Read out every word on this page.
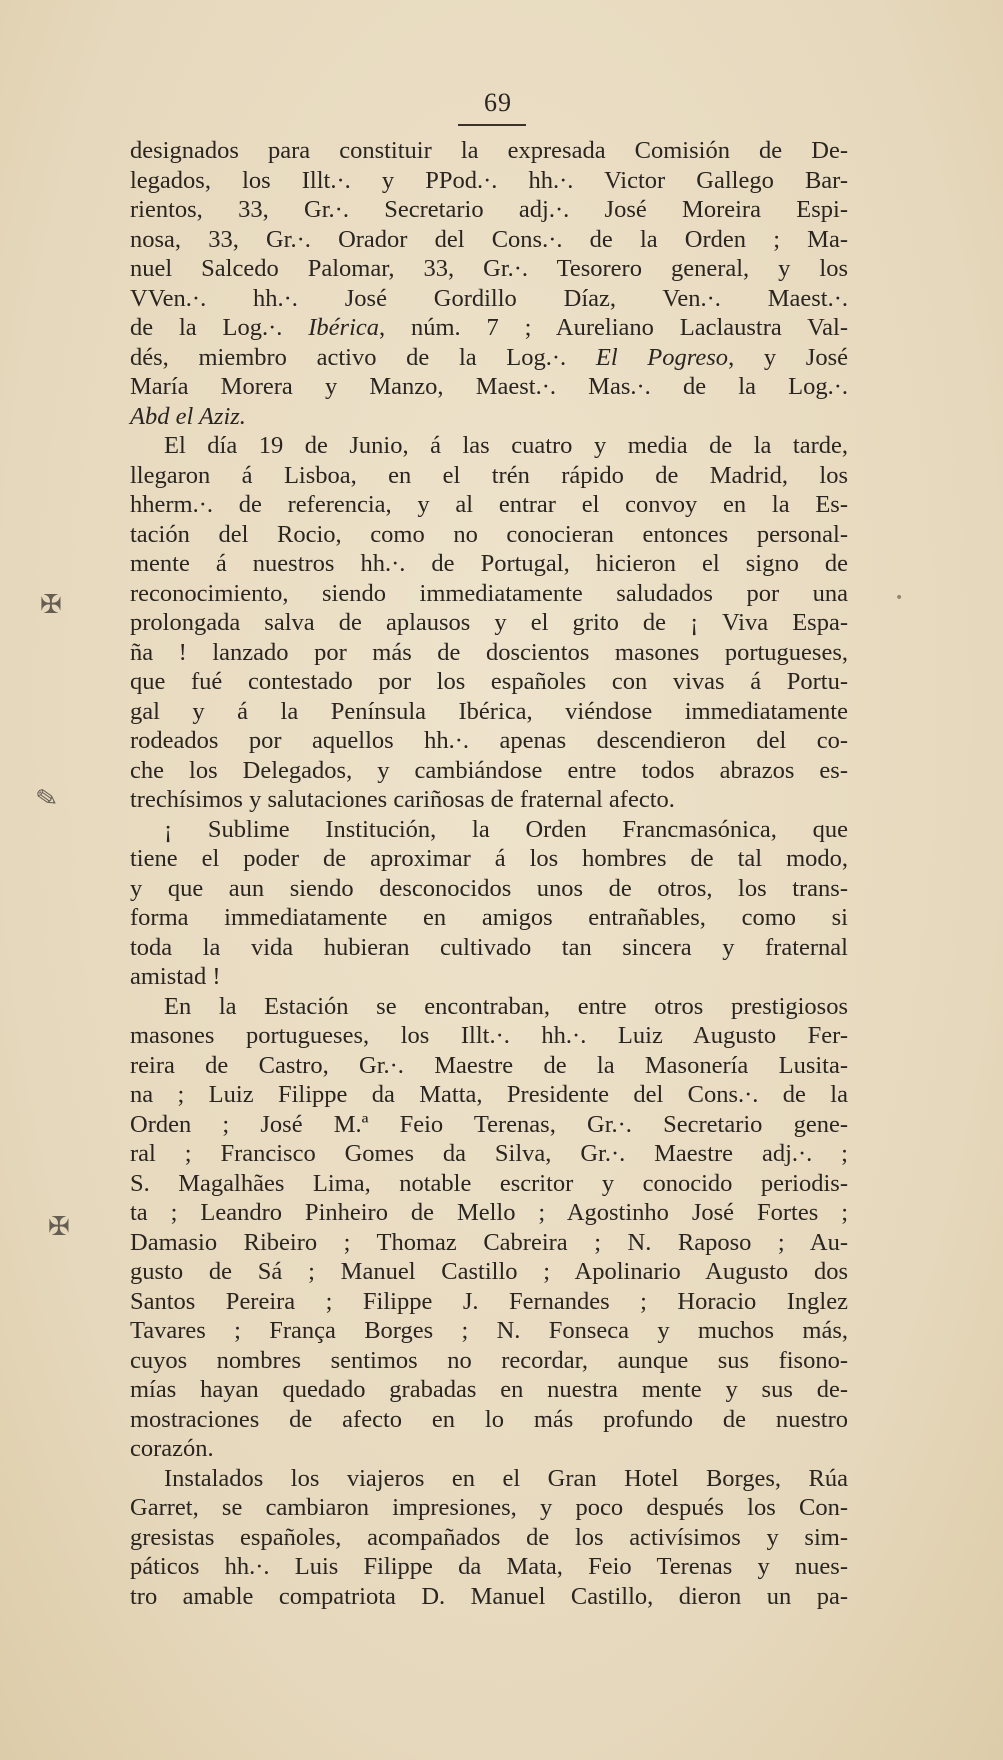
69
✠
✎
✠
•
designados para constituir la expresada Comisión de De-
legados, los Illt.·. y PPod.·. hh.·. Victor Gallego Bar-
rientos, 33, Gr.·. Secretario adj.·. José Moreira Espi-
nosa, 33, Gr.·. Orador del Cons.·. de la Orden ; Ma-
nuel Salcedo Palomar, 33, Gr.·. Tesorero general, y los
VVen.·. hh.·. José Gordillo Díaz, Ven.·. Maest.·.
de la Log.·. Ibérica, núm. 7 ; Aureliano Laclaustra Val-
dés, miembro activo de la Log.·. El Pogreso, y José
María Morera y Manzo, Maest.·. Mas.·. de la Log.·.
Abd el Aziz.
El día 19 de Junio, á las cuatro y media de la tarde,
llegaron á Lisboa, en el trén rápido de Madrid, los
hherm.·. de referencia, y al entrar el convoy en la Es-
tación del Rocio, como no conocieran entonces personal-
mente á nuestros hh.·. de Portugal, hicieron el signo de
reconocimiento, siendo immediatamente saludados por una
prolongada salva de aplausos y el grito de ¡ Viva Espa-
ña ! lanzado por más de doscientos masones portugueses,
que fué contestado por los españoles con vivas á Portu-
gal y á la Península Ibérica, viéndose immediatamente
rodeados por aquellos hh.·. apenas descendieron del co-
che los Delegados, y cambiándose entre todos abrazos es-
trechísimos y salutaciones cariñosas de fraternal afecto.
¡ Sublime Institución, la Orden Francmasónica, que
tiene el poder de aproximar á los hombres de tal modo,
y que aun siendo desconocidos unos de otros, los trans-
forma immediatamente en amigos entrañables, como si
toda la vida hubieran cultivado tan sincera y fraternal
amistad !
En la Estación se encontraban, entre otros prestigiosos
masones portugueses, los Illt.·. hh.·. Luiz Augusto Fer-
reira de Castro, Gr.·. Maestre de la Masonería Lusita-
na ; Luiz Filippe da Matta, Presidente del Cons.·. de la
Orden ; José M.ª Feio Terenas, Gr.·. Secretario gene-
ral ; Francisco Gomes da Silva, Gr.·. Maestre adj.·. ;
S. Magalhães Lima, notable escritor y conocido periodis-
ta ; Leandro Pinheiro de Mello ; Agostinho José Fortes ;
Damasio Ribeiro ; Thomaz Cabreira ; N. Raposo ; Au-
gusto de Sá ; Manuel Castillo ; Apolinario Augusto dos
Santos Pereira ; Filippe J. Fernandes ; Horacio Inglez
Tavares ; França Borges ; N. Fonseca y muchos más,
cuyos nombres sentimos no recordar, aunque sus fisono-
mías hayan quedado grabadas en nuestra mente y sus de-
mostraciones de afecto en lo más profundo de nuestro
corazón.
Instalados los viajeros en el Gran Hotel Borges, Rúa
Garret, se cambiaron impresiones, y poco después los Con-
gresistas españoles, acompañados de los activísimos y sim-
páticos hh.·. Luis Filippe da Mata, Feio Terenas y nues-
tro amable compatriota D. Manuel Castillo, dieron un pa-
